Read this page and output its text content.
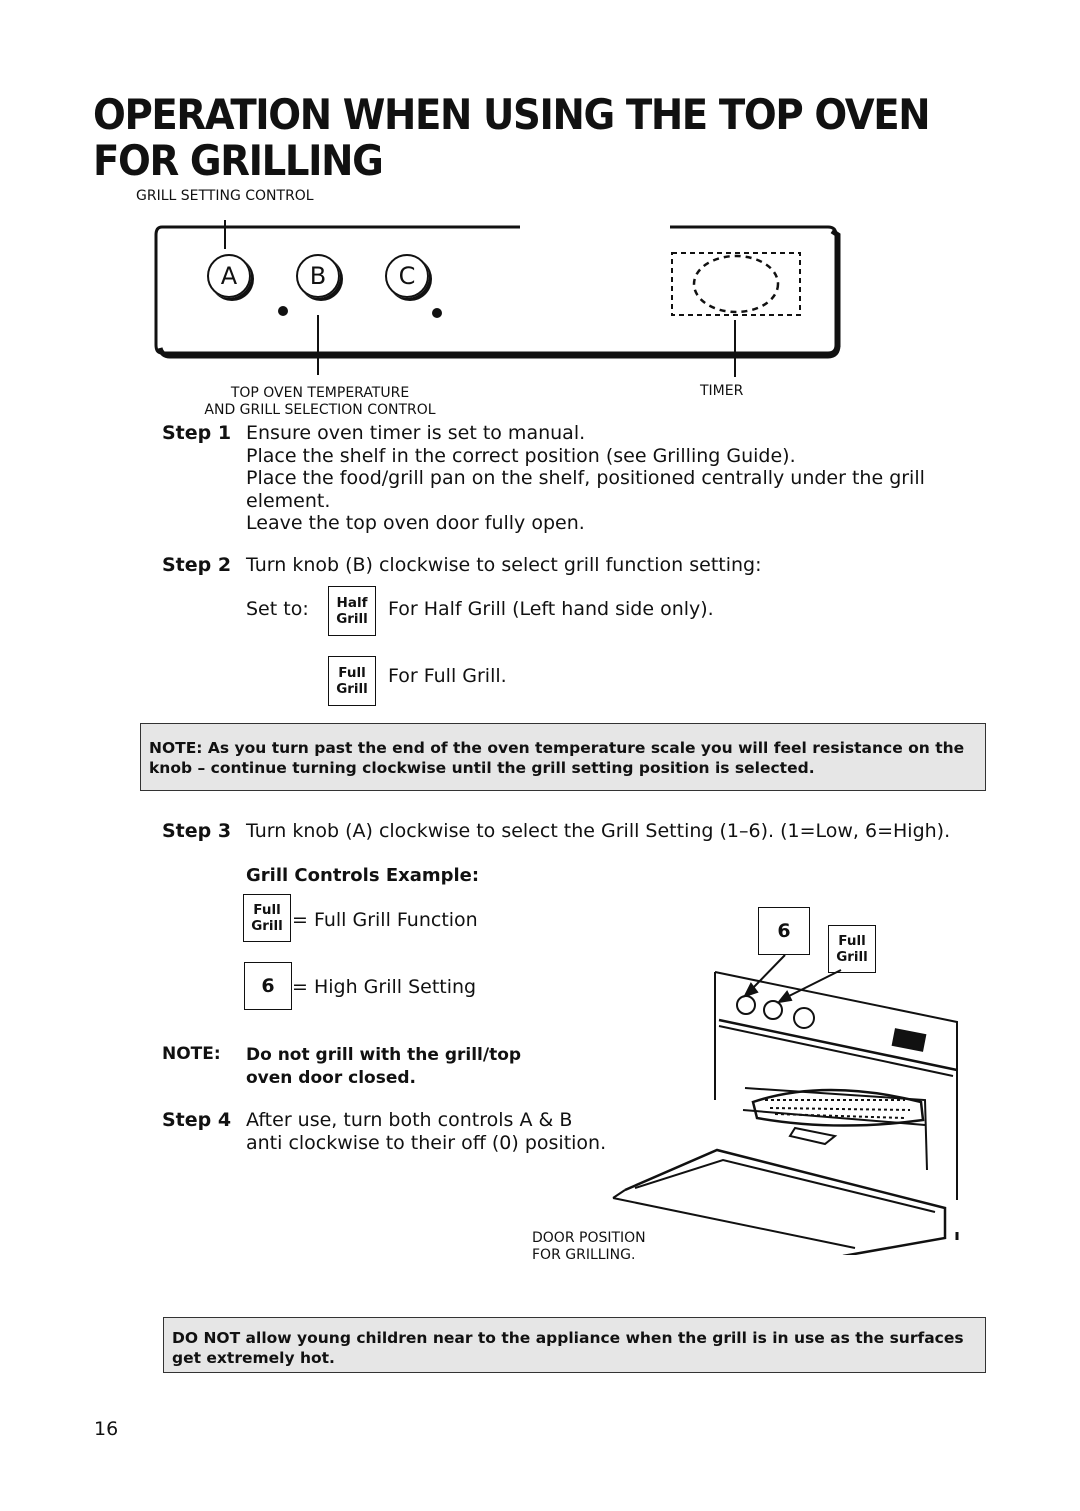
OPERATION WHEN USING THE TOP OVEN FOR GRILLING
GRILL SETTING CONTROL
A	B	C
TOP OVEN TEMPERATURE
AND GRILL SELECTION CONTROL
TIMER
Step 1 Ensure oven timer is set to manual.
Place the shelf in the correct position (see Grilling Guide).
Place the food/grill pan on the shelf, positioned centrally under the grill
element.
Leave the top oven door fully open.
Step 2 Turn knob (B) clockwise to select grill function setting:
Set to: Half
Grill For Half Grill (Left hand side only).
Full
Grill
For Full Grill.
NOTE: As you turn past the end of the oven temperature scale you will feel resistance on the knob – continue turning clockwise until the grill setting position is selected.
Step 3 Turn knob (A) clockwise to select the Grill Setting (1–6). (1=Low, 6=High).
Grill Controls Example:
Full
Grill = Full Grill Function
6 = High Grill Setting
NOTE: Do not grill with the grill/top
oven door closed.
Step 4 After use, turn both controls A & B
anti clockwise to their off (0) position.
6	Full
Grill
DOOR POSITION
FOR GRILLING.
DO NOT allow young children near to the appliance when the grill is in use as the surfaces get extremely hot.
16
